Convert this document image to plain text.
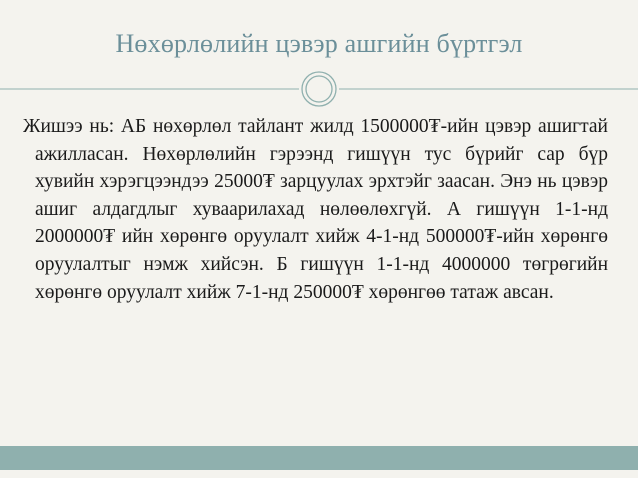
Нөхөрлөлийн цэвэр ашгийн бүртгэл
Жишээ нь: АБ нөхөрлөл тайлант жилд 1500000₮-ийн цэвэр ашигтай ажилласан. Нөхөрлөлийн гэрээнд гишүүн тус бүрийг сар бүр хувийн хэрэгцээндээ 25000₮ зарцуулах эрхтэйг заасан. Энэ нь цэвэр ашиг алдагдлыг хуваарилахад нөлөөлөхгүй. А гишүүн 1-1-нд 2000000₮ ийн хөрөнгө оруулалт хийж 4-1-нд 500000₮-ийн хөрөнгө оруулалтыг нэмж хийсэн. Б гишүүн 1-1-нд 4000000 төгрөгийн хөрөнгө оруулалт хийж 7-1-нд 250000₮ хөрөнгөө татаж авсан.
